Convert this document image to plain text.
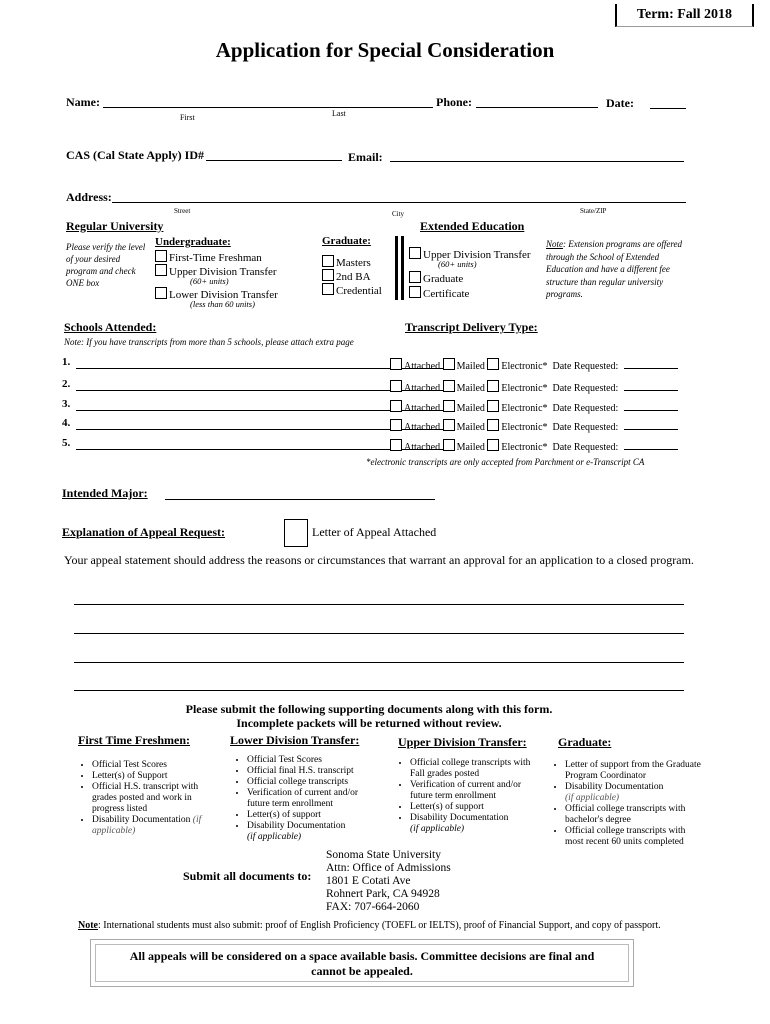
Term: Fall 2018
Application for Special Consideration
Name:
First	Last
Phone:	Date:
CAS (Cal State Apply) ID#	Email:
Address:
Street	City	State/ZIP
Regular University
Please verify the level of your desired program and check ONE box
Undergraduate:
First-Time Freshman
Upper Division Transfer
(60+ units)
Lower Division Transfer
(less than 60 units)
Graduate:
Masters
2nd BA
Credential
Extended Education
Upper Division Transfer
(60+ units)
Graduate
Certificate
Note: Extension programs are offered through the School of Extended Education and have a different fee structure than regular university programs.
Schools Attended:	Transcript Delivery Type:
Note: If you have transcripts from more than 5 schools, please attach extra page
1.	Attached Mailed Electronic* Date Requested:
2.	Attached Mailed Electronic* Date Requested:
3.	Attached Mailed Electronic* Date Requested:
4.	Attached Mailed Electronic* Date Requested:
5.	Attached Mailed Electronic* Date Requested:
*electronic transcripts are only accepted from Parchment or e-Transcript CA
Intended Major:
Explanation of Appeal Request:	Letter of Appeal Attached
Your appeal statement should address the reasons or circumstances that warrant an approval for an application to a closed program.
Please submit the following supporting documents along with this form.
Incomplete packets will be returned without review.
First Time Freshmen:	Lower Division Transfer:	Upper Division Transfer:	Graduate:
• Official Test Scores
• Letter(s) of Support
• Official H.S. transcript with grades posted and work in progress listed
• Disability Documentation (if applicable)
• Official Test Scores
• Official final H.S. transcript
• Official college transcripts
• Verification of current and/or future term enrollment
• Letter(s) of support
• Disability Documentation
(if applicable)
• Official college transcripts with Fall grades posted
• Verification of current and/or future term enrollment
• Letter(s) of support
• Disability Documentation
(if applicable)
• Letter of support from the Graduate Program Coordinator
• Disability Documentation
(if applicable)
• Official college transcripts with bachelor's degree
• Official college transcripts with most recent 60 units completed
Submit all documents to:
Sonoma State University
Attn: Office of Admissions
1801 E Cotati Ave
Rohnert Park, CA 94928
FAX: 707-664-2060
Note: International students must also submit: proof of English Proficiency (TOEFL or IELTS), proof of Financial Support, and copy of passport.
All appeals will be considered on a space available basis. Committee decisions are final and cannot be appealed.
